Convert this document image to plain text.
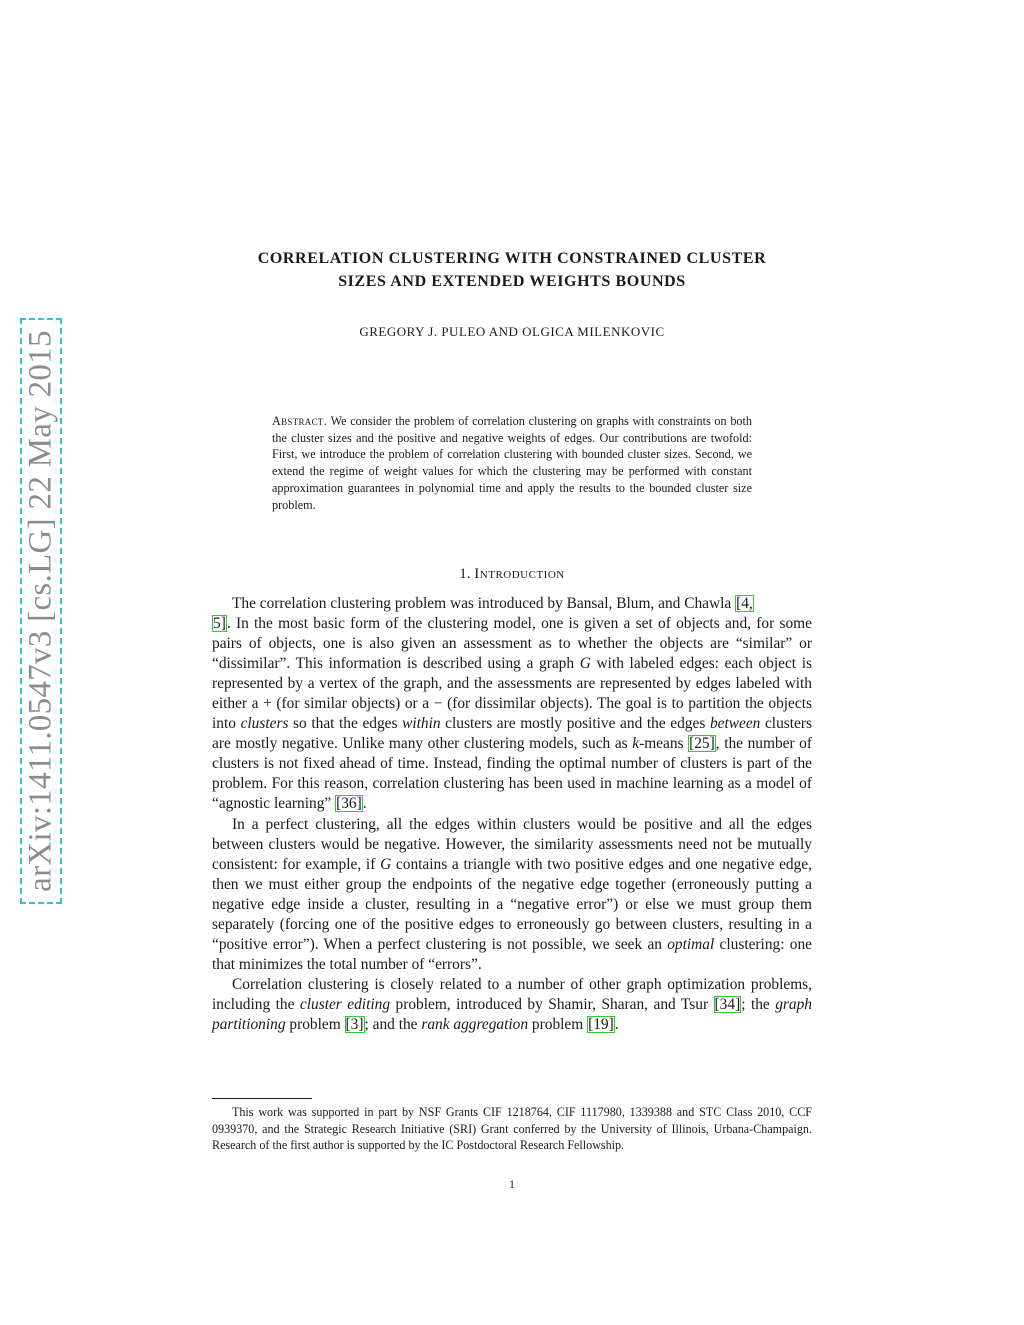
arXiv:1411.0547v3 [cs.LG] 22 May 2015
CORRELATION CLUSTERING WITH CONSTRAINED CLUSTER
SIZES AND EXTENDED WEIGHTS BOUNDS
GREGORY J. PULEO AND OLGICA MILENKOVIC
Abstract. We consider the problem of correlation clustering on graphs with constraints on both the cluster sizes and the positive and negative weights of edges. Our contributions are twofold: First, we introduce the problem of correlation clustering with bounded cluster sizes. Second, we extend the regime of weight values for which the clustering may be performed with constant approximation guarantees in polynomial time and apply the results to the bounded cluster size problem.
1. Introduction

The correlation clustering problem was introduced by Bansal, Blum, and Chawla [4,
5]. In the most basic form of the clustering model, one is given a set of objects and, for some pairs of objects, one is also given an assessment as to whether the objects are “similar” or “dissimilar”. This information is described using a graph G with labeled edges: each object is represented by a vertex of the graph, and the assessments are represented by edges labeled with either a + (for similar objects) or a − (for dissimilar objects). The goal is to partition the objects into clusters so that the edges within clusters are mostly positive and the edges between clusters are mostly negative. Unlike many other clustering models, such as k-means [25], the number of clusters is not fixed ahead of time. Instead, finding the optimal number of clusters is part of the problem. For this reason, correlation clustering has been used in machine learning as a model of “agnostic learning” [36].

In a perfect clustering, all the edges within clusters would be positive and all the edges between clusters would be negative. However, the similarity assessments need not be mutually consistent: for example, if G contains a triangle with two positive edges and one negative edge, then we must either group the endpoints of the negative edge together (erroneously putting a negative edge inside a cluster, resulting in a “negative error”) or else we must group them separately (forcing one of the positive edges to erroneously go between clusters, resulting in a “positive error”). When a perfect clustering is not possible, we seek an optimal clustering: one that minimizes the total number of “errors”.

Correlation clustering is closely related to a number of other graph optimization problems, including the cluster editing problem, introduced by Shamir, Sharan, and Tsur [34]; the graph partitioning problem [3]; and the rank aggregation problem [19].

This work was supported in part by NSF Grants CIF 1218764, CIF 1117980, 1339388 and STC Class 2010, CCF 0939370, and the Strategic Research Initiative (SRI) Grant conferred by the University of Illinois, Urbana-Champaign. Research of the first author is supported by the IC Postdoctoral Research Fellowship.
1
